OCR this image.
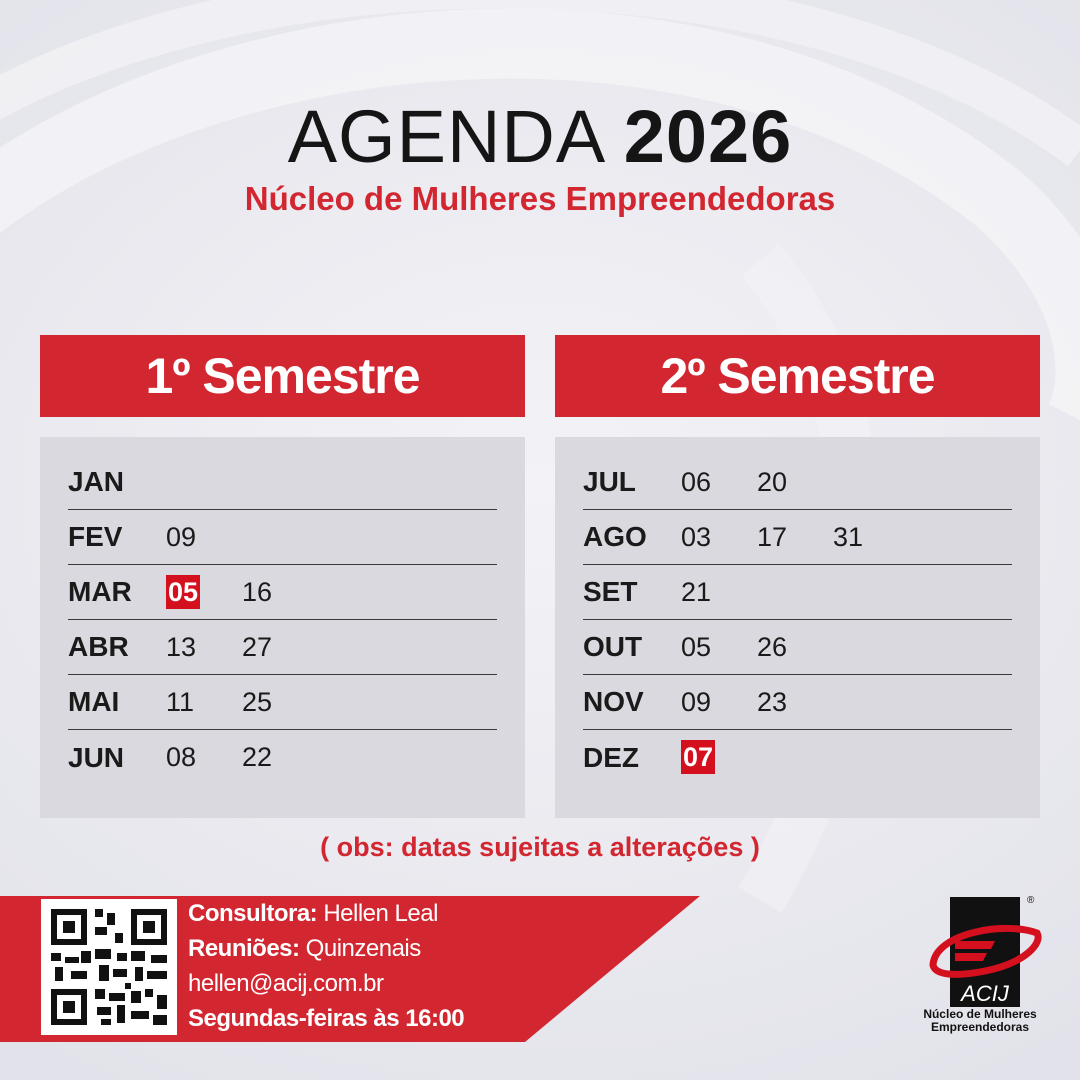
AGENDA 2026
Núcleo de Mulheres Empreendedoras
1º Semestre	2º Semestre
JAN
FEV	09
MAR	05	16
ABR	13	27
MAI	11	25
JUN	08	22
JUL	06	20
AGO	03	17	31
SET	21
OUT	05	26
NOV	09	23
DEZ	07
( obs: datas sujeitas a alterações )
Consultora: Hellen Leal
Reuniões: Quinzenais
hellen@acij.com.br
Segundas-feiras às 16:00
ACIJ
®
Núcleo de Mulheres
Empreendedoras
